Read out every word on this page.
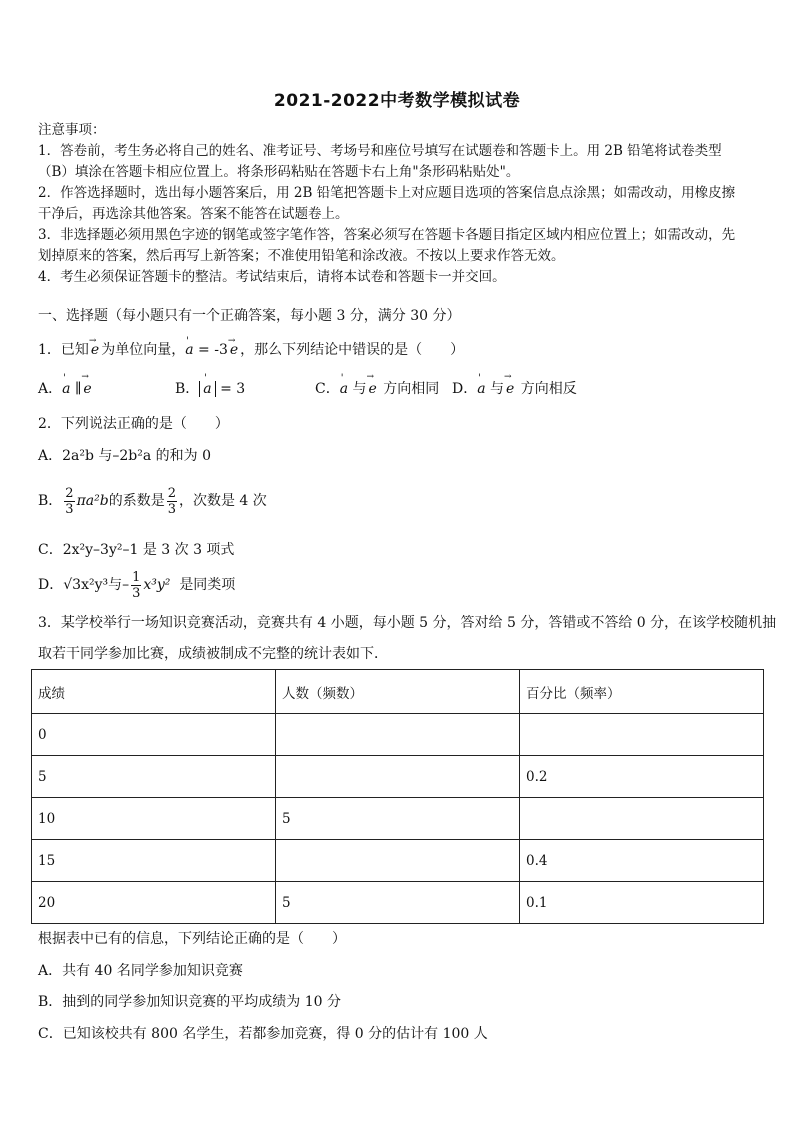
2021-2022中考数学模拟试卷
注意事项：
1．答卷前，考生务必将自己的姓名、准考证号、考场号和座位号填写在试题卷和答题卡上。用 2B 铅笔将试卷类型
（B）填涂在答题卡相应位置上。将条形码粘贴在答题卡右上角"条形码粘贴处"。
2．作答选择题时，选出每小题答案后，用 2B 铅笔把答题卡上对应题目选项的答案信息点涂黑；如需改动，用橡皮擦
干净后，再选涂其他答案。答案不能答在试题卷上。
3．非选择题必须用黑色字迹的钢笔或签字笔作答，答案必须写在答题卡各题目指定区域内相应位置上；如需改动，先
划掉原来的答案，然后再写上新答案；不准使用铅笔和涂改液。不按以上要求作答无效。
4．考生必须保证答题卡的整洁。考试结束后，请将本试卷和答题卡一并交回。
一、选择题（每小题只有一个正确答案，每小题 3 分，满分 30 分）
1．已知 → e 为单位向量，' a = -3 → e ，那么下列结论中错误的是（　　）
A．' a ∥ → e	B． ' a = 3	C．' a 与 → e 方向相同 D．' a 与 → e 方向相反
2．下列说法正确的是（　　）
A．2a²b 与–2b²a 的和为 0
B． $\frac{2}{3} \pi a^2b$的系数是 $\frac{2}{3}$ ，次数是 4 次
C．2x²y–3y²–1 是 3 次 3 项式
D．√3x²y³与– $\frac{1}{3} x^3y^2$ 是同类项
3．某学校举行一场知识竞赛活动，竞赛共有 4 小题，每小题 5 分，答对给 5 分，答错或不答给 0 分，在该学校随机抽
取若干同学参加比赛，成绩被制成不完整的统计表如下．
成绩	人数（频数）	百分比（频率）
0		
5		0.2
10	5	
15		0.4
20	5	0.1
根据表中已有的信息，下列结论正确的是（　　）
A．共有 40 名同学参加知识竞赛
B．抽到的同学参加知识竞赛的平均成绩为 10 分
C．已知该校共有 800 名学生，若都参加竞赛，得 0 分的估计有 100 人
